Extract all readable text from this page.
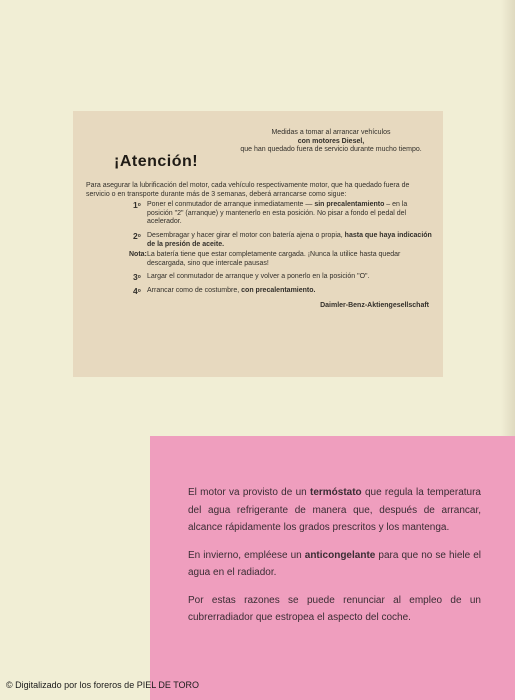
¡Atención!
Medidas a tomar al arrancar vehículos
con motores Diesel,
que han quedado fuera de servicio durante mucho tiempo.

Para asegurar la lubrificación del motor, cada vehículo respectivamente motor, que ha quedado fuera de servicio o en transporte durante más de 3 semanas, deberá arrancarse como sigue:

1$^o$ Poner el conmutador de arranque inmediatamente — sin precalentamiento – en la posición "2" (arranque) y mantenerlo en esta posición. No pisar a fondo el pedal del acelerador.
2$^o$ Desembragar y hacer girar el motor con batería ajena o propia, hasta que haya indicación de la presión de aceite.
Nota: La batería tiene que estar completamente cargada. ¡Nunca la utilice hasta quedar descargada, sino que intercale pausas!
3$^o$ Largar el conmutador de arranque y volver a ponerlo en la posición "O".
4$^o$ Arrancar como de costumbre, con precalentamiento.
Daimler-Benz-Aktiengesellschaft

El motor va provisto de un termóstato que regula la temperatura del agua refrigerante de manera que, después de arrancar, alcance rápidamente los grados prescritos y los mantenga.

En invierno, empléese un anticongelante para que no se hiele el agua en el radiador.

Por estas razones se puede renunciar al empleo de un cubrerradiador que estropea el aspecto del coche.

© Digitalizado por los foreros de PIEL DE TORO
